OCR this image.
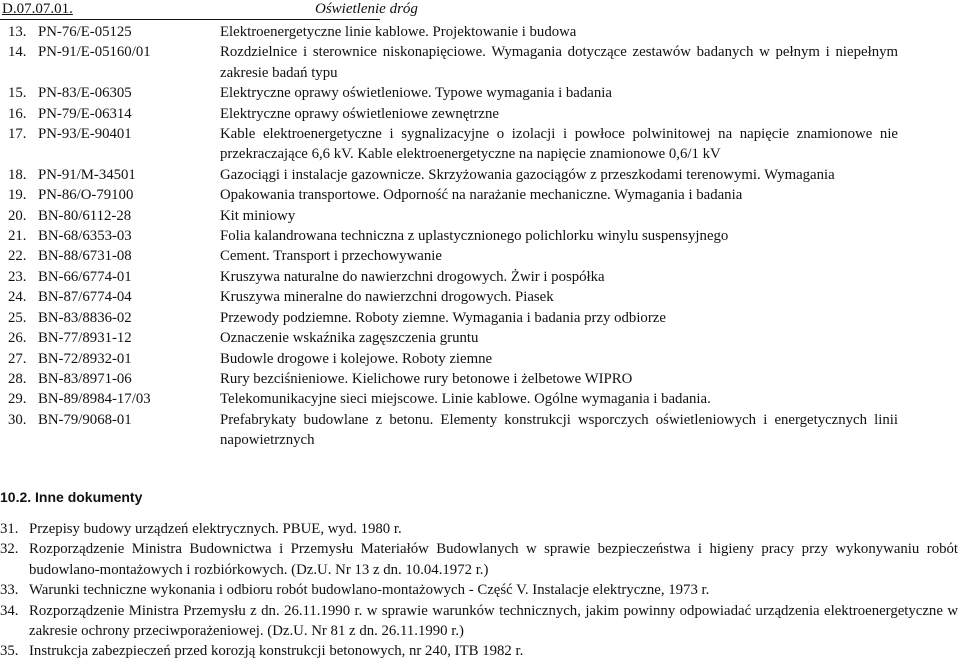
D.07.07.01.	Oświetlenie dróg
13. PN-76/E-05125	Elektroenergetyczne linie kablowe. Projektowanie i budowa
14. PN-91/E-05160/01	Rozdzielnice i sterownice niskonapięciowe. Wymagania dotyczące zestawów badanych w pełnym i niepełnym zakresie badań typu
15. PN-83/E-06305	Elektryczne oprawy oświetleniowe. Typowe wymagania i badania
16. PN-79/E-06314	Elektryczne oprawy oświetleniowe zewnętrzne
17. PN-93/E-90401	Kable elektroenergetyczne i sygnalizacyjne o izolacji i powłoce polwinitowej na napięcie znamionowe nie przekraczające 6,6 kV. Kable elektroenergetyczne na napięcie znamionowe 0,6/1 kV
18. PN-91/M-34501	Gazociągi i instalacje gazownicze. Skrzyżowania gazociągów z przeszkodami terenowymi. Wymagania
19. PN-86/O-79100	Opakowania transportowe. Odporność na narażanie mechaniczne. Wymagania i badania
20. BN-80/6112-28	Kit miniowy
21. BN-68/6353-03	Folia kalandrowana techniczna z uplastycznionego polichlorku winylu suspensyjnego
22. BN-88/6731-08	Cement. Transport i przechowywanie
23. BN-66/6774-01	Kruszywa naturalne do nawierzchni drogowych. Żwir i pospółka
24. BN-87/6774-04	Kruszywa mineralne do nawierzchni drogowych. Piasek
25. BN-83/8836-02	Przewody podziemne. Roboty ziemne. Wymagania i badania przy odbiorze
26. BN-77/8931-12	Oznaczenie wskaźnika zagęszczenia gruntu
27. BN-72/8932-01	Budowle drogowe i kolejowe. Roboty ziemne
28. BN-83/8971-06	Rury bezciśnieniowe. Kielichowe rury betonowe i żelbetowe WIPRO
29. BN-89/8984-17/03	Telekomunikacyjne sieci miejscowe. Linie kablowe. Ogólne wymagania i badania.
30. BN-79/9068-01	Prefabrykaty budowlane z betonu. Elementy konstrukcji wsporczych oświetleniowych i energetycznych linii napowietrznych
10.2. Inne dokumenty
31. Przepisy budowy urządzeń elektrycznych. PBUE, wyd. 1980 r.
32. Rozporządzenie Ministra Budownictwa i Przemysłu Materiałów Budowlanych w sprawie bezpieczeństwa i higieny pracy przy wykonywaniu robót budowlano-montażowych i rozbiórkowych. (Dz.U. Nr 13 z dn. 10.04.1972 r.)
33. Warunki techniczne wykonania i odbioru robót budowlano-montażowych - Część V. Instalacje elektryczne, 1973 r.
34. Rozporządzenie Ministra Przemysłu z dn. 26.11.1990 r. w sprawie warunków technicznych, jakim powinny odpowiadać urządzenia elektroenergetyczne w zakresie ochrony przeciwporażeniowej. (Dz.U. Nr 81 z dn. 26.11.1990 r.)
35. Instrukcja zabezpieczeń przed korozją konstrukcji betonowych, nr 240, ITB 1982 r.
